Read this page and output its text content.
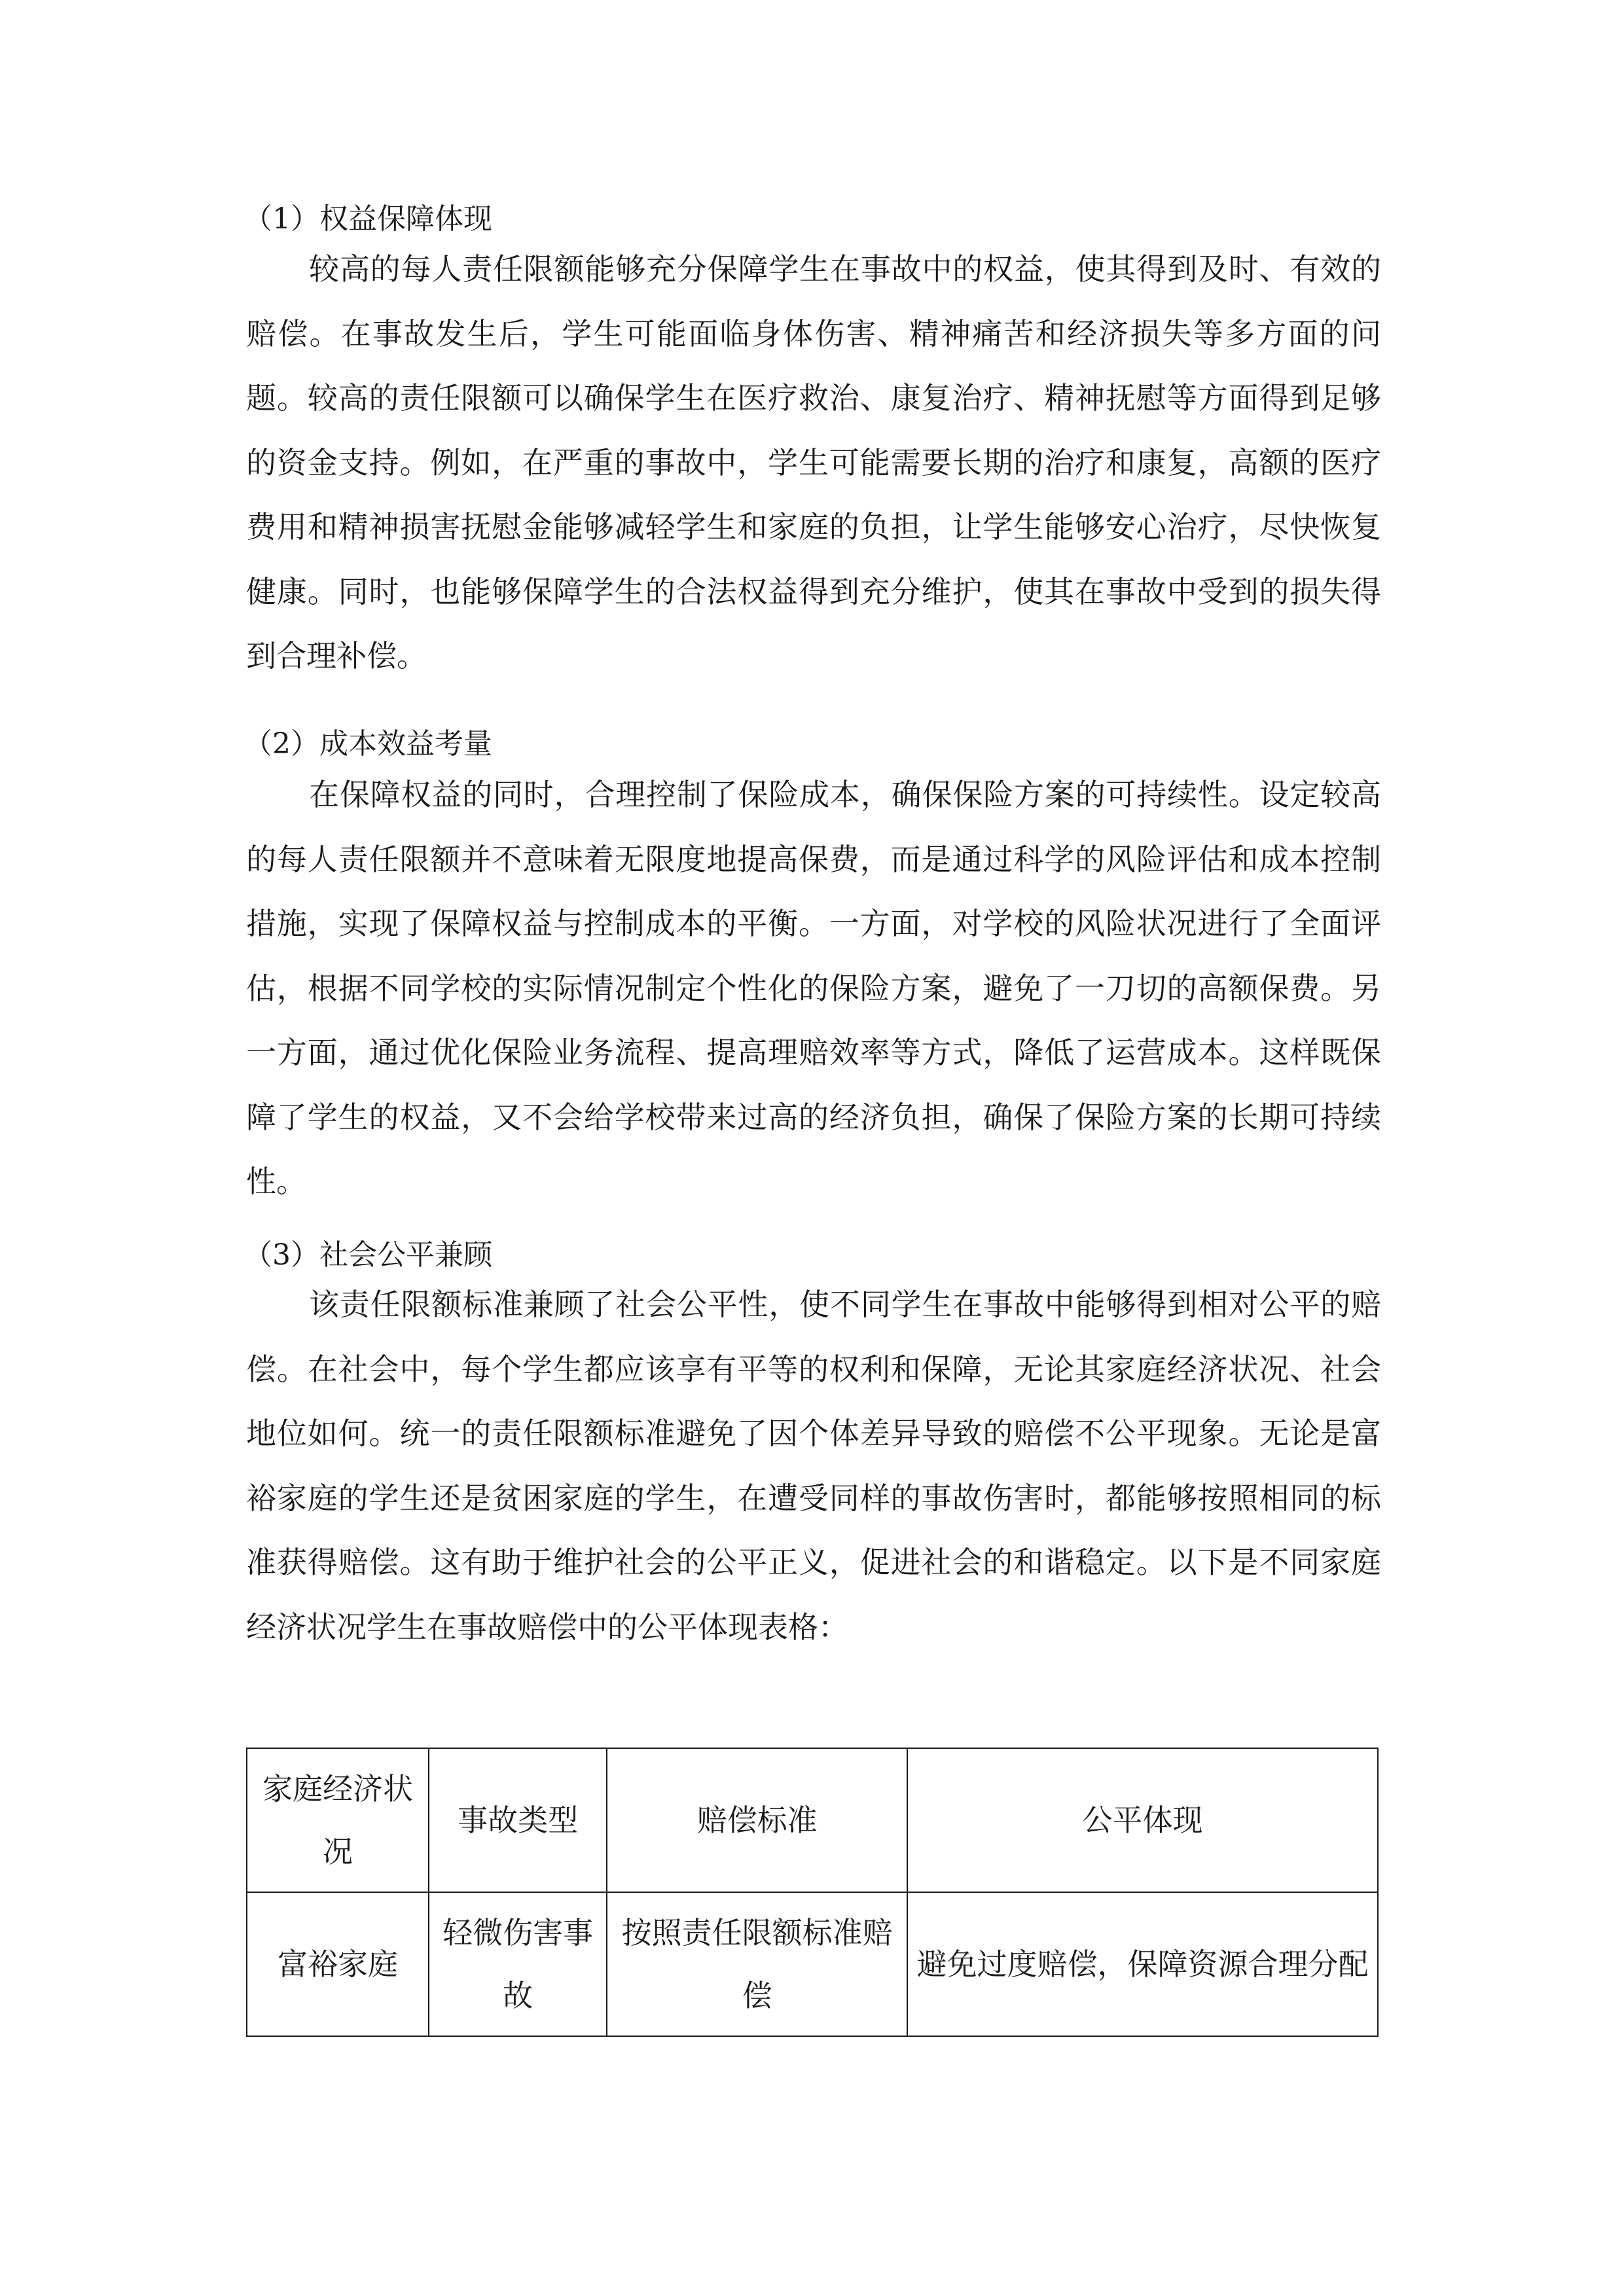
（1）权益保障体现
较高的每人责任限额能够充分保障学生在事故中的权益，使其得到及时、有效的赔偿。在事故发生后，学生可能面临身体伤害、精神痛苦和经济损失等多方面的问题。较高的责任限额可以确保学生在医疗救治、康复治疗、精神抚慰等方面得到足够的资金支持。例如，在严重的事故中，学生可能需要长期的治疗和康复，高额的医疗费用和精神损害抚慰金能够减轻学生和家庭的负担，让学生能够安心治疗，尽快恢复健康。同时，也能够保障学生的合法权益得到充分维护，使其在事故中受到的损失得到合理补偿。
（2）成本效益考量
在保障权益的同时，合理控制了保险成本，确保保险方案的可持续性。设定较高的每人责任限额并不意味着无限度地提高保费，而是通过科学的风险评估和成本控制措施，实现了保障权益与控制成本的平衡。一方面，对学校的风险状况进行了全面评估，根据不同学校的实际情况制定个性化的保险方案，避免了一刀切的高额保费。另一方面，通过优化保险业务流程、提高理赔效率等方式，降低了运营成本。这样既保障了学生的权益，又不会给学校带来过高的经济负担，确保了保险方案的长期可持续性。
（3）社会公平兼顾
该责任限额标准兼顾了社会公平性，使不同学生在事故中能够得到相对公平的赔偿。在社会中，每个学生都应该享有平等的权利和保障，无论其家庭经济状况、社会地位如何。统一的责任限额标准避免了因个体差异导致的赔偿不公平现象。无论是富裕家庭的学生还是贫困家庭的学生，在遭受同样的事故伤害时，都能够按照相同的标准获得赔偿。这有助于维护社会的公平正义，促进社会的和谐稳定。以下是不同家庭经济状况学生在事故赔偿中的公平体现表格：
家庭经济状况	事故类型	赔偿标准	公平体现
富裕家庭	轻微伤害事故	按照责任限额标准赔偿	避免过度赔偿，保障资源合理分配
